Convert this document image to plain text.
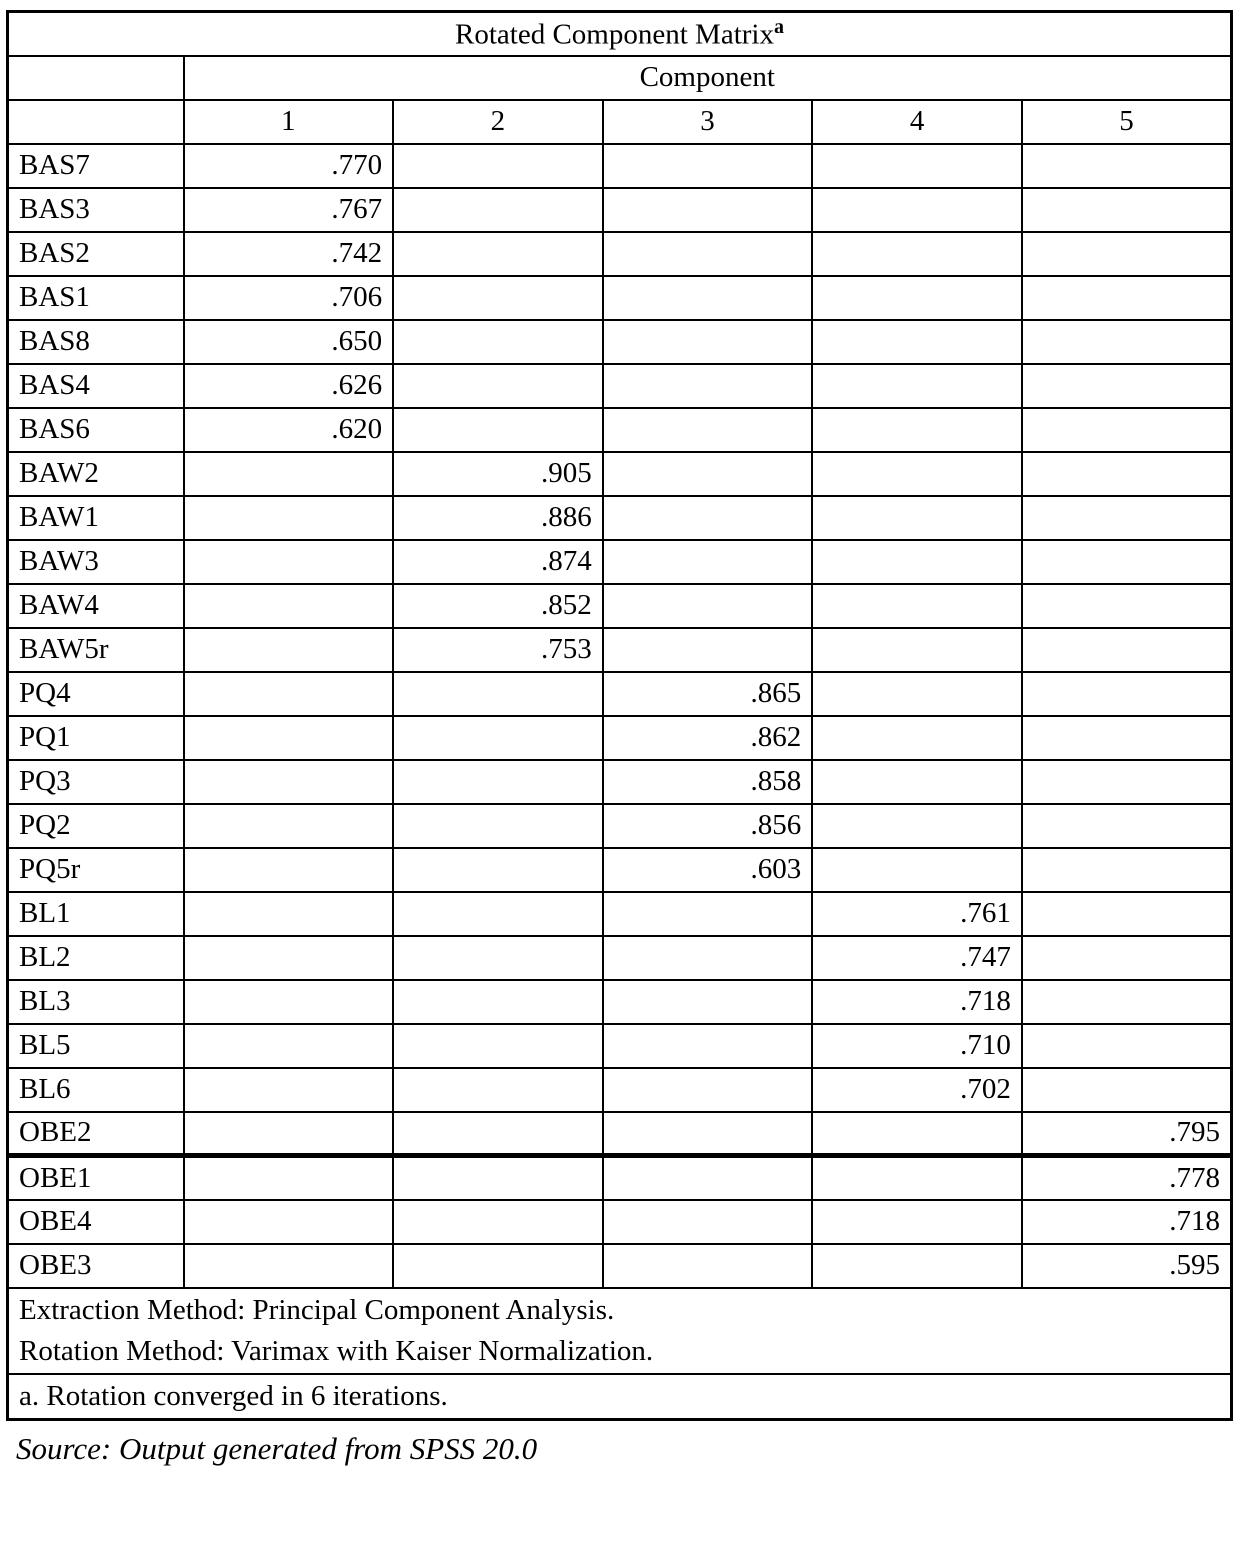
Rotated Component Matrix$^a$
	Component				
	1	2	3	4	5
BAS7	.770				
BAS3	.767				
BAS2	.742				
BAS1	.706				
BAS8	.650				
BAS4	.626				
BAS6	.620				
BAW2		.905			
BAW1		.886			
BAW3		.874			
BAW4		.852			
BAW5r		.753			
PQ4			.865		
PQ1			.862		
PQ3			.858		
PQ2			.856		
PQ5r			.603		
BL1				.761	
BL2				.747	
BL3				.718	
BL5				.710	
BL6				.702	
OBE2					.795
OBE1					.778
OBE4					.718
OBE3					.595

Extraction Method: Principal Component Analysis.
Rotation Method: Varimax with Kaiser Normalization.					

a. Rotation converged in 6 iterations.					
Source: Output generated from SPSS 20.0
